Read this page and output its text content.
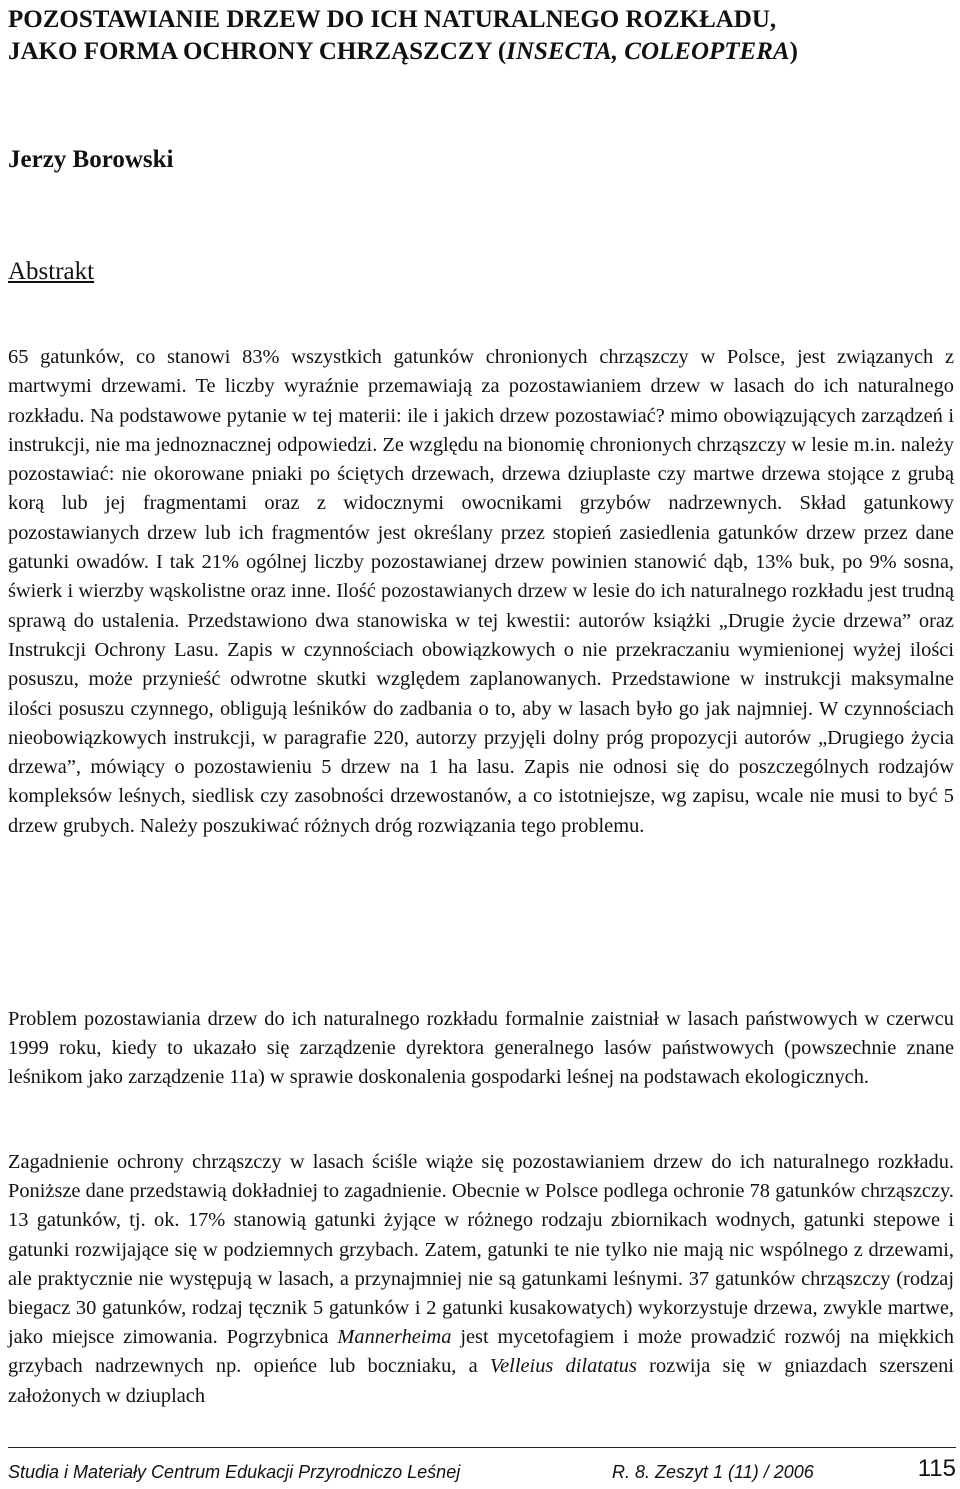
POZOSTAWIANIE DRZEW DO ICH NATURALNEGO ROZKŁADU,
JAKO FORMA OCHRONY CHRZĄSZCZY (INSECTA, COLEOPTERA)
Jerzy Borowski
Abstrakt

65 gatunków, co stanowi 83% wszystkich gatunków chronionych chrząszczy w Polsce, jest związanych z martwymi drzewami. Te liczby wyraźnie przemawiają za pozostawianiem drzew w lasach do ich naturalnego rozkładu. Na podstawowe pytanie w tej materii: ile i jakich drzew pozostawiać? mimo obowiązujących zarządzeń i instrukcji, nie ma jednoznacznej odpowiedzi. Ze względu na bionomię chronionych chrząszczy w lesie m.in. należy pozostawiać: nie okorowane pniaki po ściętych drzewach, drzewa dziuplaste czy martwe drzewa stojące z grubą korą lub jej fragmentami oraz z widocznymi owocnikami grzybów nadrzewnych. Skład gatunkowy pozostawianych drzew lub ich fragmentów jest określany przez stopień zasiedlenia gatunków drzew przez dane gatunki owadów. I tak 21% ogólnej liczby pozostawianej drzew powinien stanowić dąb, 13% buk, po 9% sosna, świerk i wierzby wąskolistne oraz inne. Ilość pozostawianych drzew w lesie do ich naturalnego rozkładu jest trudną sprawą do ustalenia. Przedstawiono dwa stanowiska w tej kwestii: autorów książki „Drugie życie drzewa” oraz Instrukcji Ochrony Lasu. Zapis w czynnościach obowiązkowych o nie przekraczaniu wymienionej wyżej ilości posuszu, może przynieść odwrotne skutki względem zaplanowanych. Przedstawione w instrukcji maksymalne ilości posuszu czynnego, obligują leśników do zadbania o to, aby w lasach było go jak najmniej. W czynnościach nieobowiązkowych instrukcji, w paragrafie 220, autorzy przyjęli dolny próg propozycji autorów „Drugiego życia drzewa”, mówiący o pozostawieniu 5 drzew na 1 ha lasu. Zapis nie odnosi się do poszczególnych rodzajów kompleksów leśnych, siedlisk czy zasobności drzewostanów, a co istotniejsze, wg zapisu, wcale nie musi to być 5 drzew grubych. Należy poszukiwać różnych dróg rozwiązania tego problemu.

Problem pozostawiania drzew do ich naturalnego rozkładu formalnie zaistniał w lasach państwowych w czerwcu 1999 roku, kiedy to ukazało się zarządzenie dyrektora generalnego lasów państwowych (powszechnie znane leśnikom jako zarządzenie 11a) w sprawie doskonalenia gospodarki leśnej na podstawach ekologicznych.

Zagadnienie ochrony chrząszczy w lasach ściśle wiąże się pozostawianiem drzew do ich naturalnego rozkładu. Poniższe dane przedstawią dokładniej to zagadnienie. Obecnie w Polsce podlega ochronie 78 gatunków chrząszczy. 13 gatunków, tj. ok. 17% stanowią gatunki żyjące w różnego rodzaju zbiornikach wodnych, gatunki stepowe i gatunki rozwijające się w podziemnych grzybach. Zatem, gatunki te nie tylko nie mają nic wspólnego z drzewami, ale praktycznie nie występują w lasach, a przynajmniej nie są gatunkami leśnymi. 37 gatunków chrząszczy (rodzaj biegacz 30 gatunków, rodzaj tęcznik 5 gatunków i 2 gatunki kusakowatych) wykorzystuje drzewa, zwykle martwe, jako miejsce zimowania. Pogrzybnica Mannerheima jest mycetofagiem i może prowadzić rozwój na miękkich grzybach nadrzewnych np. opieńce lub boczniaku, a Velleius dilatatus rozwija się w gniazdach szerszeni założonych w dziuplach

Studia i Materiały Centrum Edukacji Przyrodniczo Leśnej	R. 8. Zeszyt 1 (11) / 2006	115
